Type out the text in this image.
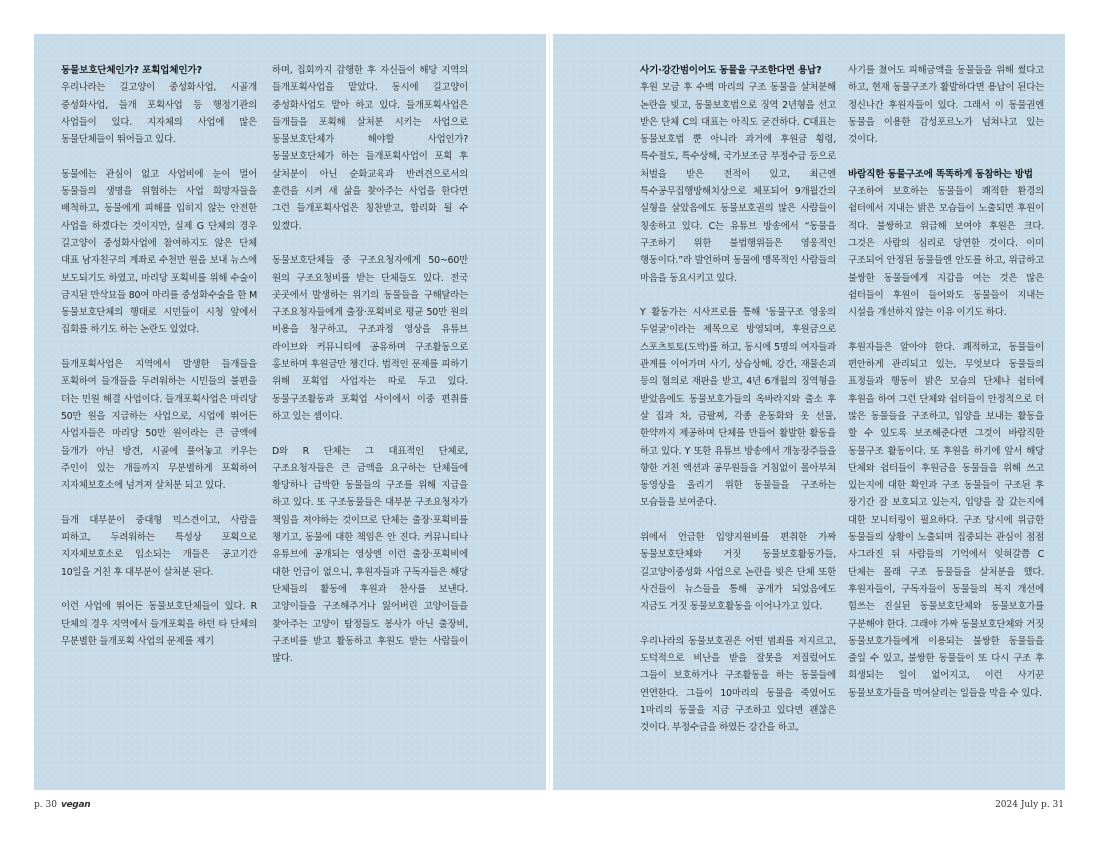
동물보호단체인가? 포획업체인가?

우리나라는 길고양이 중성화사업, 시골개 중성화사업, 들개 포획사업 등 행정기관의 사업들이 있다. 지자체의 사업에 많은 동물단체들이 뛰어들고 있다.

동물에는 관심이 없고 사업비에 눈이 멀어 동물들의 생명을 위협하는 사업 희망자들을 배척하고, 동물에게 피해를 입히지 않는 안전한 사업을 하겠다는 것이지만, 실제 G 단체의 경우 길고양이 중성화사업에 참여하지도 않은 단체 대표 남자친구의 계좌로 수천만 원을 보내 뉴스에 보도되기도 하였고, 마리당 포획비를 위해 수술이 금지된 만삭묘들 80여 마리를 중성화수술을 한 M 동물보호단체의 행태로 시민들이 시청 앞에서 집회를 하기도 하는 논란도 있었다.

들개포획사업은 지역에서 발생한 들개들을 포획하여 들개들을 두려워하는 시민들의 불편을 더는 민원 해결 사업이다. 들개포획사업은 마리당 50만 원을 지급하는 사업으로, 시업에 뛰어든 사업자들은 마리당 50만 원이라는 큰 금액에 들개가 아닌 방견, 시골에 풀어놓고 키우는 주인이 있는 개들까지 무분별하게 포획하여 지자체보호소에 넘겨져 살처분 되고 있다.

들개 대부분이 중대형 믹스견이고, 사람을 피하고, 두려워하는 특성상 포획으로 지자체보호소로 입소되는 개들은 공고기간 10일을 거친 후 대부분이 살처분 된다.

이런 사업에 뛰어든 동물보호단체들이 있다. R 단체의 경우 지역에서 들개포획을 하던 타 단체의 무분별한 들개포획 사업의 문제를 제기

하며, 집회까지 감행한 후 자신들이 해당 지역의 들개포획사업을 맡았다. 동시에 길고양이 중성화사업도 맡아 하고 있다. 들개포획사업은 들개들을 포획해 살처분 시키는 사업으로 동물보호단체가 해야할 사업인가? 동물보호단체가 하는 들개포획사업이 포획 후 살처분이 아닌 순화교육과 반려견으로서의 훈련을 시켜 새 삶을 찾아주는 사업을 한다면 그런 들개포획사업은 칭찬받고, 합리화 될 수 있겠다.

동물보호단체들 중 구조요청자에게 50~60만 원의 구조요청비를 받는 단체들도 있다. 전국 곳곳에서 발생하는 위기의 동물들을 구해달라는 구조요청자들에게 출장·포획비로 평균 50만 원의 비용을 청구하고, 구조과정 영상을 유튜브 라이브와 커뮤니티에 공유하며 구조활동으로 홍보하며 후원금만 챙긴다. 법적인 문제를 피하기 위해 포획업 사업자는 따로 두고 있다. 동물구조활동과 포획업 사이에서 이중 편취를 하고 있는 셈이다.

D와 R 단체는 그 대표적인 단체로, 구조요청자들은 큰 금액을 요구하는 단체들에 황당하나 급박한 동물들의 구조를 위해 지급을 하고 있다. 또 구조동물들은 대부분 구조요청자가 책임을 져야하는 것이므로 단체는 출장·포획비를 챙기고, 동물에 대한 책임은 안 진다. 커뮤니티나 유튜브에 공개되는 영상엔 이런 출장·포획비에 대한 언급이 없으니, 후원자들과 구독자들은 해당 단체들의 활동에 후원과 찬사를 보낸다. 고양이들을 구조해주거나 잃어버린 고양이들을 찾아주는 고양이 탐정들도 봉사가 아닌 출장비, 구조비를 받고 활동하고 후원도 받는 사람들이 많다.

사기·강간범이어도 동물을 구조한다면 용납?

후원 모금 후 수백 마리의 구조 동물을 살처분해 논란을 빚고, 동물보호법으로 징역 2년형을 선고 받은 단체 C의 대표는 아직도 굳건하다. C대표는 동물보호법 뿐 아니라 과거에 후원금 횡령, 특수절도, 특수상해, 국가보조금 부정수급 등으로 처벌을 받은 전적이 있고, 최근엔 특수공무집행방해치상으로 체포되어 9개월간의 실형을 살았음에도 동물보호권의 많은 사람들이 칭송하고 있다. C는 유튜브 방송에서 “동물을 구조하기 위한 불법행위들은 영웅적인 행동이다.”라 발언하며 동물에 맹목적인 사람들의 마음을 동요시키고 있다.

Y 활동가는 시사프로를 통해 '동물구조 영웅의 두얼굴'이라는 제목으로 방영되며, 후원금으로 스포츠토토(도박)를 하고, 동시에 5명의 여자들과 관계를 이어가며 사기, 상습상해, 강간, 재물손괴 등의 혐의로 재판을 받고, 4년 6개월의 징역형을 받았음에도 동물보호가들의 옥바라지와 출소 후 살 집과 차, 금팔찌, 각종 운동화와 옷 선물, 한약까지 제공하며 단체를 만들어 활발한 활동을 하고 있다. Y 또한 유튜브 방송에서 개농장주들을 향한 거친 액션과 공무원들을 거침없이 몰아부쳐 동영상을 올리기 위한 동물들을 구조하는 모습들을 보여준다.

위에서 언급한 입양지원비를 편취한 가짜 동물보호단체와 거짓 동물보호활동가들, 길고양이중성화 사업으로 논란을 빚은 단체 또한 사건들이 뉴스들을 통해 공개가 되었음에도 지금도 거짓 동물보호활동을 이어나가고 있다.

우리나라의 동물보호권은 어떤 범죄를 저지르고, 도덕적으로 비난을 받을 잘못을 저질렀어도 그들이 보호하거나 구조활동을 하는 동물들에 연연한다. 그들이 10마리의 동물을 죽였어도 1마리의 동물을 지금 구조하고 있다면 괜찮은 것이다. 부정수급을 하였든 강간을 하고,

사기를 쳤어도 피해금액을 동물들을 위해 썼다고 하고, 현재 동물구조가 활발하다면 용납이 된다는 정신나간 후원자들이 있다. 그래서 이 동물권엔 동물을 이용한 감성포르노가 넘쳐나고 있는 것이다.

바람직한 동물구조에 똑똑하게 동참하는 방법

구조하여 보호하는 동물들이 쾌적한 환경의 쉼터에서 지내는 밝은 모습들이 노출되면 후원이 적다. 불쌍하고 위급해 보여야 후원은 크다. 그것은 사람의 심리로 당연한 것이다. 이미 구조되어 안정된 동물들엔 안도를 하고, 위급하고 불쌍한 동물들에게 지갑을 여는 것은 많은 쉼터들이 후원이 들어와도 동물들이 지내는 시설을 개선하지 않는 이유 이기도 하다.

후원자들은 알아야 한다. 쾌적하고, 동물들이 편안하게 관리되고 있는, 무엇보다 동물들의 표정들과 행동이 밝은 모습의 단체나 쉼터에 후원을 하여 그런 단체와 쉼터들이 안정적으로 더 많은 동물들을 구조하고, 입양을 보내는 활동을 할 수 있도록 보조해준다면 그것이 바람직한 동물구조 활동이다. 또 후원을 하기에 앞서 해당 단체와 쉼터들이 후원금을 동물들을 위해 쓰고 있는지에 대한 확인과 구조 동물들이 구조된 후 장기간 잘 보호되고 있는지, 입양을 잘 갔는지에 대한 모니터링이 필요하다. 구조 당시에 위급한 동물들의 상황이 노출되며 집중되는 관심이 점점 사그라진 뒤 사람들의 기억에서 잊혀갈쯤 C 단체는 몰래 구조 동물들을 살처분을 했다. 후원자들이, 구독자들이 동물들의 복지 개선에 힘쓰는 진실된 동물보호단체와 동물보호가를 구분해야 한다. 그래야 가짜 동물보호단체와 거짓 동물보호가들에게 이용되는 불쌍한 동물들을 줄일 수 있고, 불쌍한 동물들이 또 다시 구조 후 희생되는 일이 없어지고, 이런 사기꾼 동물보호가들을 먹여살리는 일들을 막을 수 있다.

p. 30 vegan	2024 July p. 31
